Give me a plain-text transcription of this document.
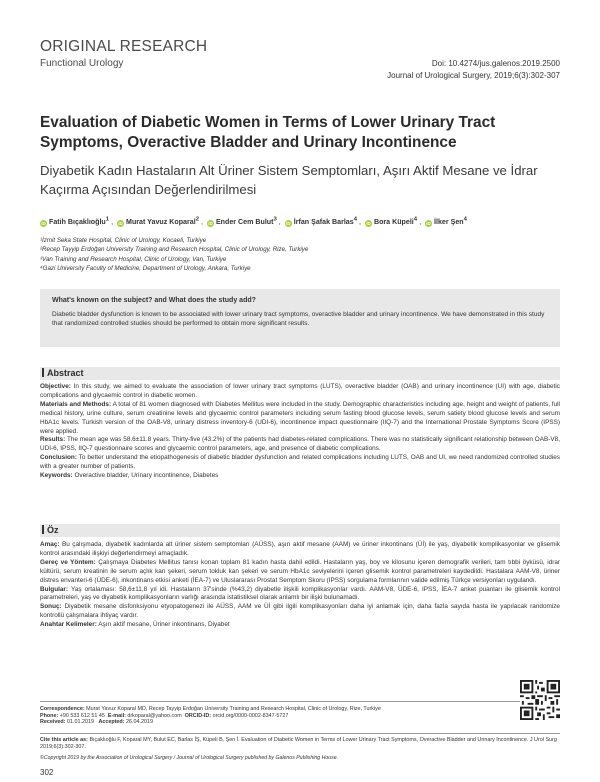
ORIGINAL RESEARCH
Functional Urology	Doi: 10.4274/jus.galenos.2019.2500
Journal of Urological Surgery, 2019;6(3):302-307
Evaluation of Diabetic Women in Terms of Lower Urinary Tract Symptoms, Overactive Bladder and Urinary Incontinence
Diyabetik Kadın Hastaların Alt Üriner Sistem Semptomları, Aşırı Aktif Mesane ve İdrar Kaçırma Açısından Değerlendirilmesi
iD Fatih Bıçaklıoğlu$^1$ , iD Murat Yavuz Koparal$^2$ , iD Ender Cem Bulut$^3$ , iD İrfan Şafak Barlas$^4$ , iD Bora Küpeli$^4$ , iD İlker Şen$^4$
¹İzmit Seka State Hospital, Clinic of Urology, Kocaeli, Turkiye
²Recep Tayyip Erdoğan University Training and Research Hospital, Clinic of Urology, Rize, Turkiye
³Van Training and Research Hospital, Clinic of Urology, Van, Turkiye
⁴Gazi University Faculty of Medicine, Department of Urology, Ankara, Turkiye
What's known on the subject? and What does the study add?
Diabetic bladder dysfunction is known to be associated with lower urinary tract symptoms, overactive bladder and urinary incontinence. We have demonstrated in this study that randomized controlled studies should be performed to obtain more significant results.
Abstract

Objective: In this study, we aimed to evaluate the association of lower urinary tract symptoms (LUTS), overactive bladder (OAB) and urinary incontinence (UI) with age, diabetic complications and glycaemic control in diabetic women.

Materials and Methods: A total of 81 women diagnosed with Diabetes Mellitus were included in the study. Demographic characteristics including age, height and weight of patients, full medical history, urine culture, serum creatinine levels and glycaemic control parameters including serum fasting blood glucose levels, serum satiety blood glucose levels and serum HbA1c levels. Turkish version of the OAB-V8, urinary distress inventory-6 (UDI-6), incontinence impact questionnaire (IIQ-7) and the International Prostate Symptoms Score (IPSS) were applied.

Results: The mean age was 58.6±11.8 years. Thirty-five (43.2%) of the patients had diabetes-related complications. There was no statistically significant relationship between OAB-V8, UDI-6, IPSS, IIQ-7 questionnaire scores and glycaemic control parameters, age, and presence of diabetic complications.

Conclusion: To better understand the etiopathogenesis of diabetic bladder dysfunction and related complications including LUTS, OAB and UI, we need randomized controlled studies with a greater number of patients.

Keywords: Overactive bladder, Urinary incontinence, Diabetes

Öz

Amaç: Bu çalışmada, diyabetik kadınlarda alt üriner sistem semptomları (AÜSS), aşırı aktif mesane (AAM) ve üriner inkontinans (Üİ) ile yaş, diyabetik komplikasyonlar ve glisemik kontrol arasındaki ilişkiyi değerlendirmeyi amaçladık.

Gereç ve Yöntem: Çalışmaya Diabetes Mellitus tanısı konan toplam 81 kadın hasta dahil edildi. Hastaların yaş, boy ve kilosunu içeren demografik verileri, tam tıbbi öyküsü, idrar kültürü, serum kreatinin ile serum açlık kan şekeri, serum tokluk kan şekeri ve serum HbA1c seviyelerini içeren glisemik kontrol parametreleri kaydedildi. Hastalara AAM-V8, üriner distres envanteri-6 (ÜDE-6), inkontinans etkisi anketi (İEA-7) ve Uluslararası Prostat Semptom Skoru (IPSS) sorgulama formlarının valide edilmiş Türkçe versiyonları uygulandı.

Bulgular: Yaş ortalaması: 58,6±11,8 yıl idi. Hastaların 37'sinde (%43,2) diyabetle ilişkili komplikasyonlar vardı. AAM-V8, ÜDE-6, IPSS, İEA-7 anket puanları ile glisemik kontrol parametreleri, yaş ve diyabetik komplikasyonların varlığı arasında istatistiksel olarak anlamlı bir ilişki bulunamadı.

Sonuç: Diyabetik mesane disfonksiyonu etyopatogenezi ile AÜSS, AAM ve Üİ gibi ilgili komplikasyonları daha iyi anlamak için, daha fazla sayıda hasta ile yapılacak randomize kontrollü çalışmalara ihtiyaç vardır.

Anahtar Kelimeler: Aşırı aktif mesane, Üriner inkontinans, Diyabet

Correspondence: Murat Yavuz Koparal MD, Recep Tayyip Erdoğan University Training and Research Hospital, Clinic of Urology, Rize, Turkiye
Phone: +90 533 612 51 45 E-mail: drkoparal@yahoo.com ORCID-ID: orcid.org/0000-0002-8347-5727
Received: 01.01.2019 Accepted: 26.04.2019
Cite this article as: Bıçaklıoğlu F, Koparal MY, Bulut EC, Barlas İŞ, Küpeli B, Şen İ. Evaluation of Diabetic Women in Terms of Lower Urinary Tract Symptoms, Overactive Bladder and Urinary Incontinence. J Urol Surg 2019;6(3):302-307.
©Copyright 2019 by the Association of Urological Surgery / Journal of Urological Surgery published by Galenos Publishing House.
302
